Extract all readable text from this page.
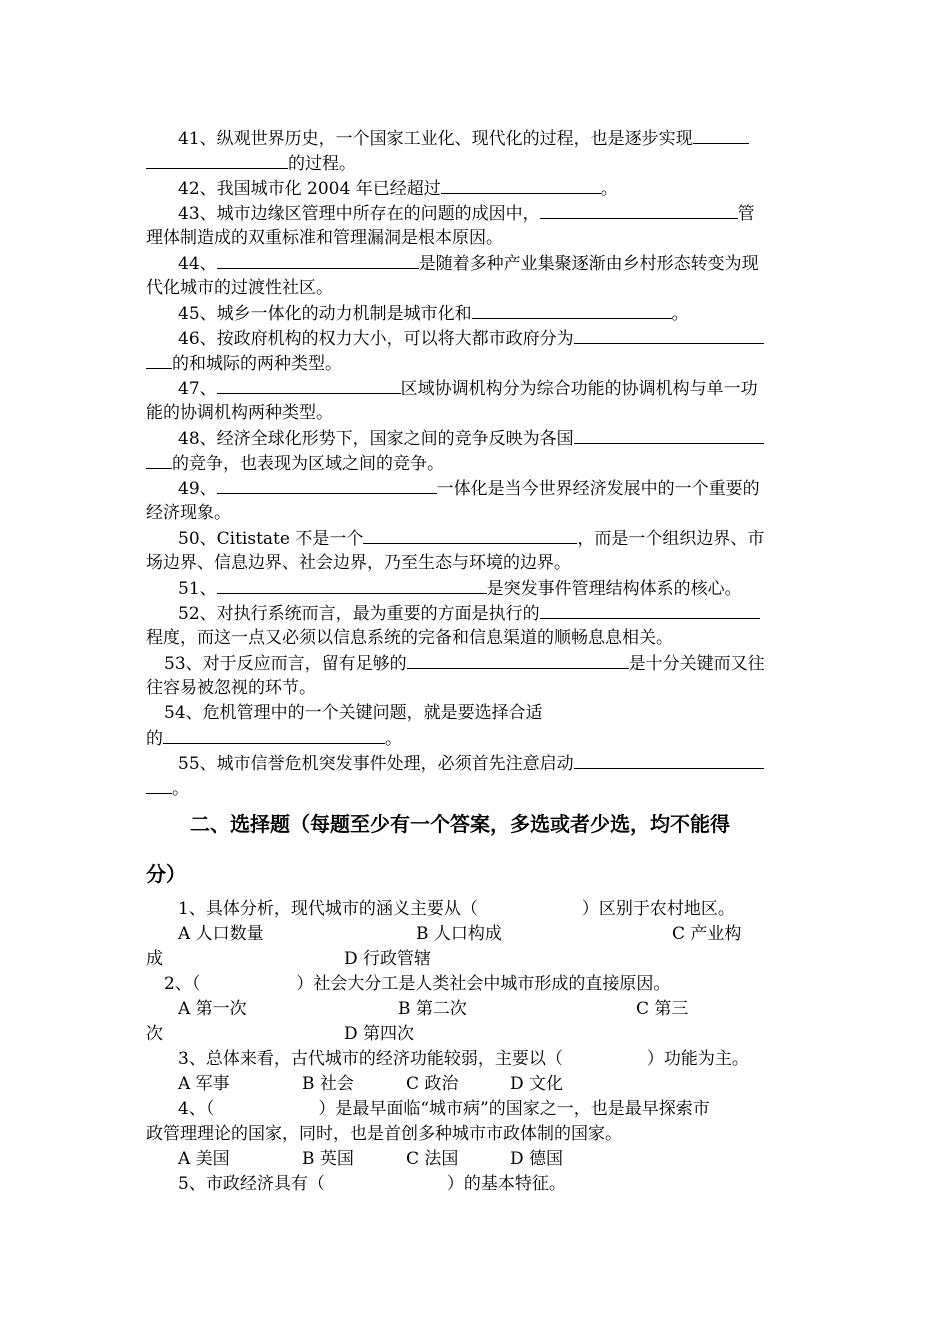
41、纵观世界历史，一个国家工业化、现代化的过程，也是逐步实现
的过程。
42、我国城市化 2004 年已经超过	。
43、城市边缘区管理中所存在的问题的成因中，	管
理体制造成的双重标准和管理漏洞是根本原因。
44、	是随着多种产业集聚逐渐由乡村形态转变为现
代化城市的过渡性社区。
45、城乡一体化的动力机制是城市化和	。
46、按政府机构的权力大小，可以将大都市政府分为
的和城际的两种类型。
47、	区域协调机构分为综合功能的协调机构与单一功
能的协调机构两种类型。
48、经济全球化形势下，国家之间的竞争反映为各国
的竞争，也表现为区域之间的竞争。
49、	一体化是当今世界经济发展中的一个重要的
经济现象。
50、Citistate 不是一个	，而是一个组织边界、市
场边界、信息边界、社会边界，乃至生态与环境的边界。
51、	是突发事件管理结构体系的核心。
52、对执行系统而言，最为重要的方面是执行的
程度，而这一点又必须以信息系统的完备和信息渠道的顺畅息息相关。
53、对于反应而言，留有足够的	是十分关键而又往
往容易被忽视的环节。
54、危机管理中的一个关键问题，就是要选择合适
的	。
55、城市信誉危机突发事件处理，必须首先注意启动
。
二、选择题（每题至少有一个答案，多选或者少选，均不能得
分）
1、具体分析，现代城市的涵义主要从（	）区别于农村地区。
A 人口数量	B 人口构成	C 产业构
成	D 行政管辖
2、（	）社会大分工是人类社会中城市形成的直接原因。
A 第一次	B 第二次	C 第三
次	D 第四次
3、总体来看，古代城市的经济功能较弱，主要以（	）功能为主。
A 军事	B 社会	C 政治	D 文化
4、（	）是最早面临“城市病”的国家之一，也是最早探索市
政管理理论的国家，同时，也是首创多种城市市政体制的国家。
A 美国	B 英国	C 法国	D 德国
5、市政经济具有（	）的基本特征。
